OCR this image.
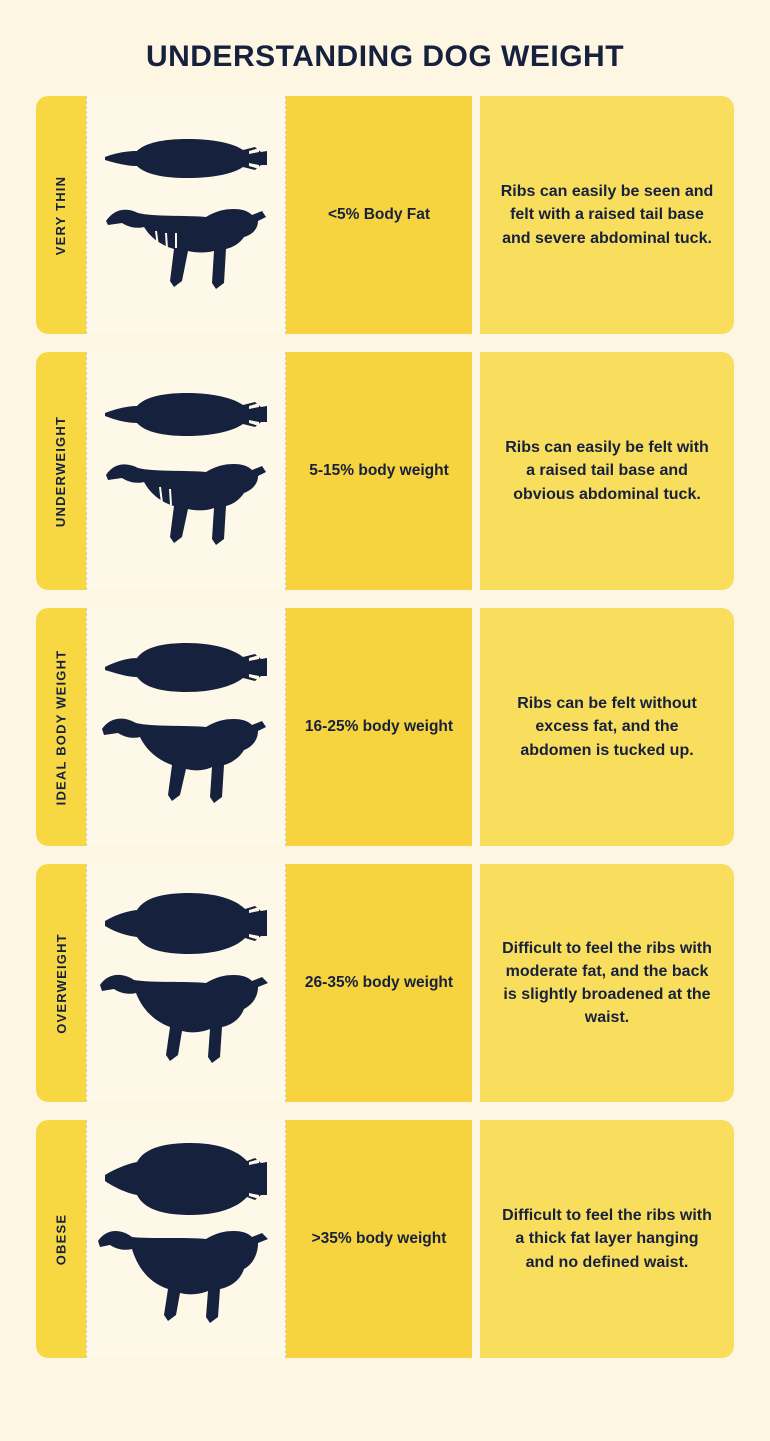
UNDERSTANDING DOG WEIGHT
VERY THIN	<5% Body Fat
Ribs can easily be seen and felt with a raised tail base and severe abdominal tuck.
UNDERWEIGHT	5-15% body weight
Ribs can easily be felt with a raised tail base and obvious abdominal tuck.
IDEAL BODY WEIGHT	16-25% body weight
Ribs can be felt without excess fat, and the abdomen is tucked up.
OVERWEIGHT	26-35% body weight
Difficult to feel the ribs with moderate fat, and the back is slightly broadened at the waist.
OBESE	>35% body weight
Difficult to feel the ribs with a thick fat layer hanging and no defined waist.
